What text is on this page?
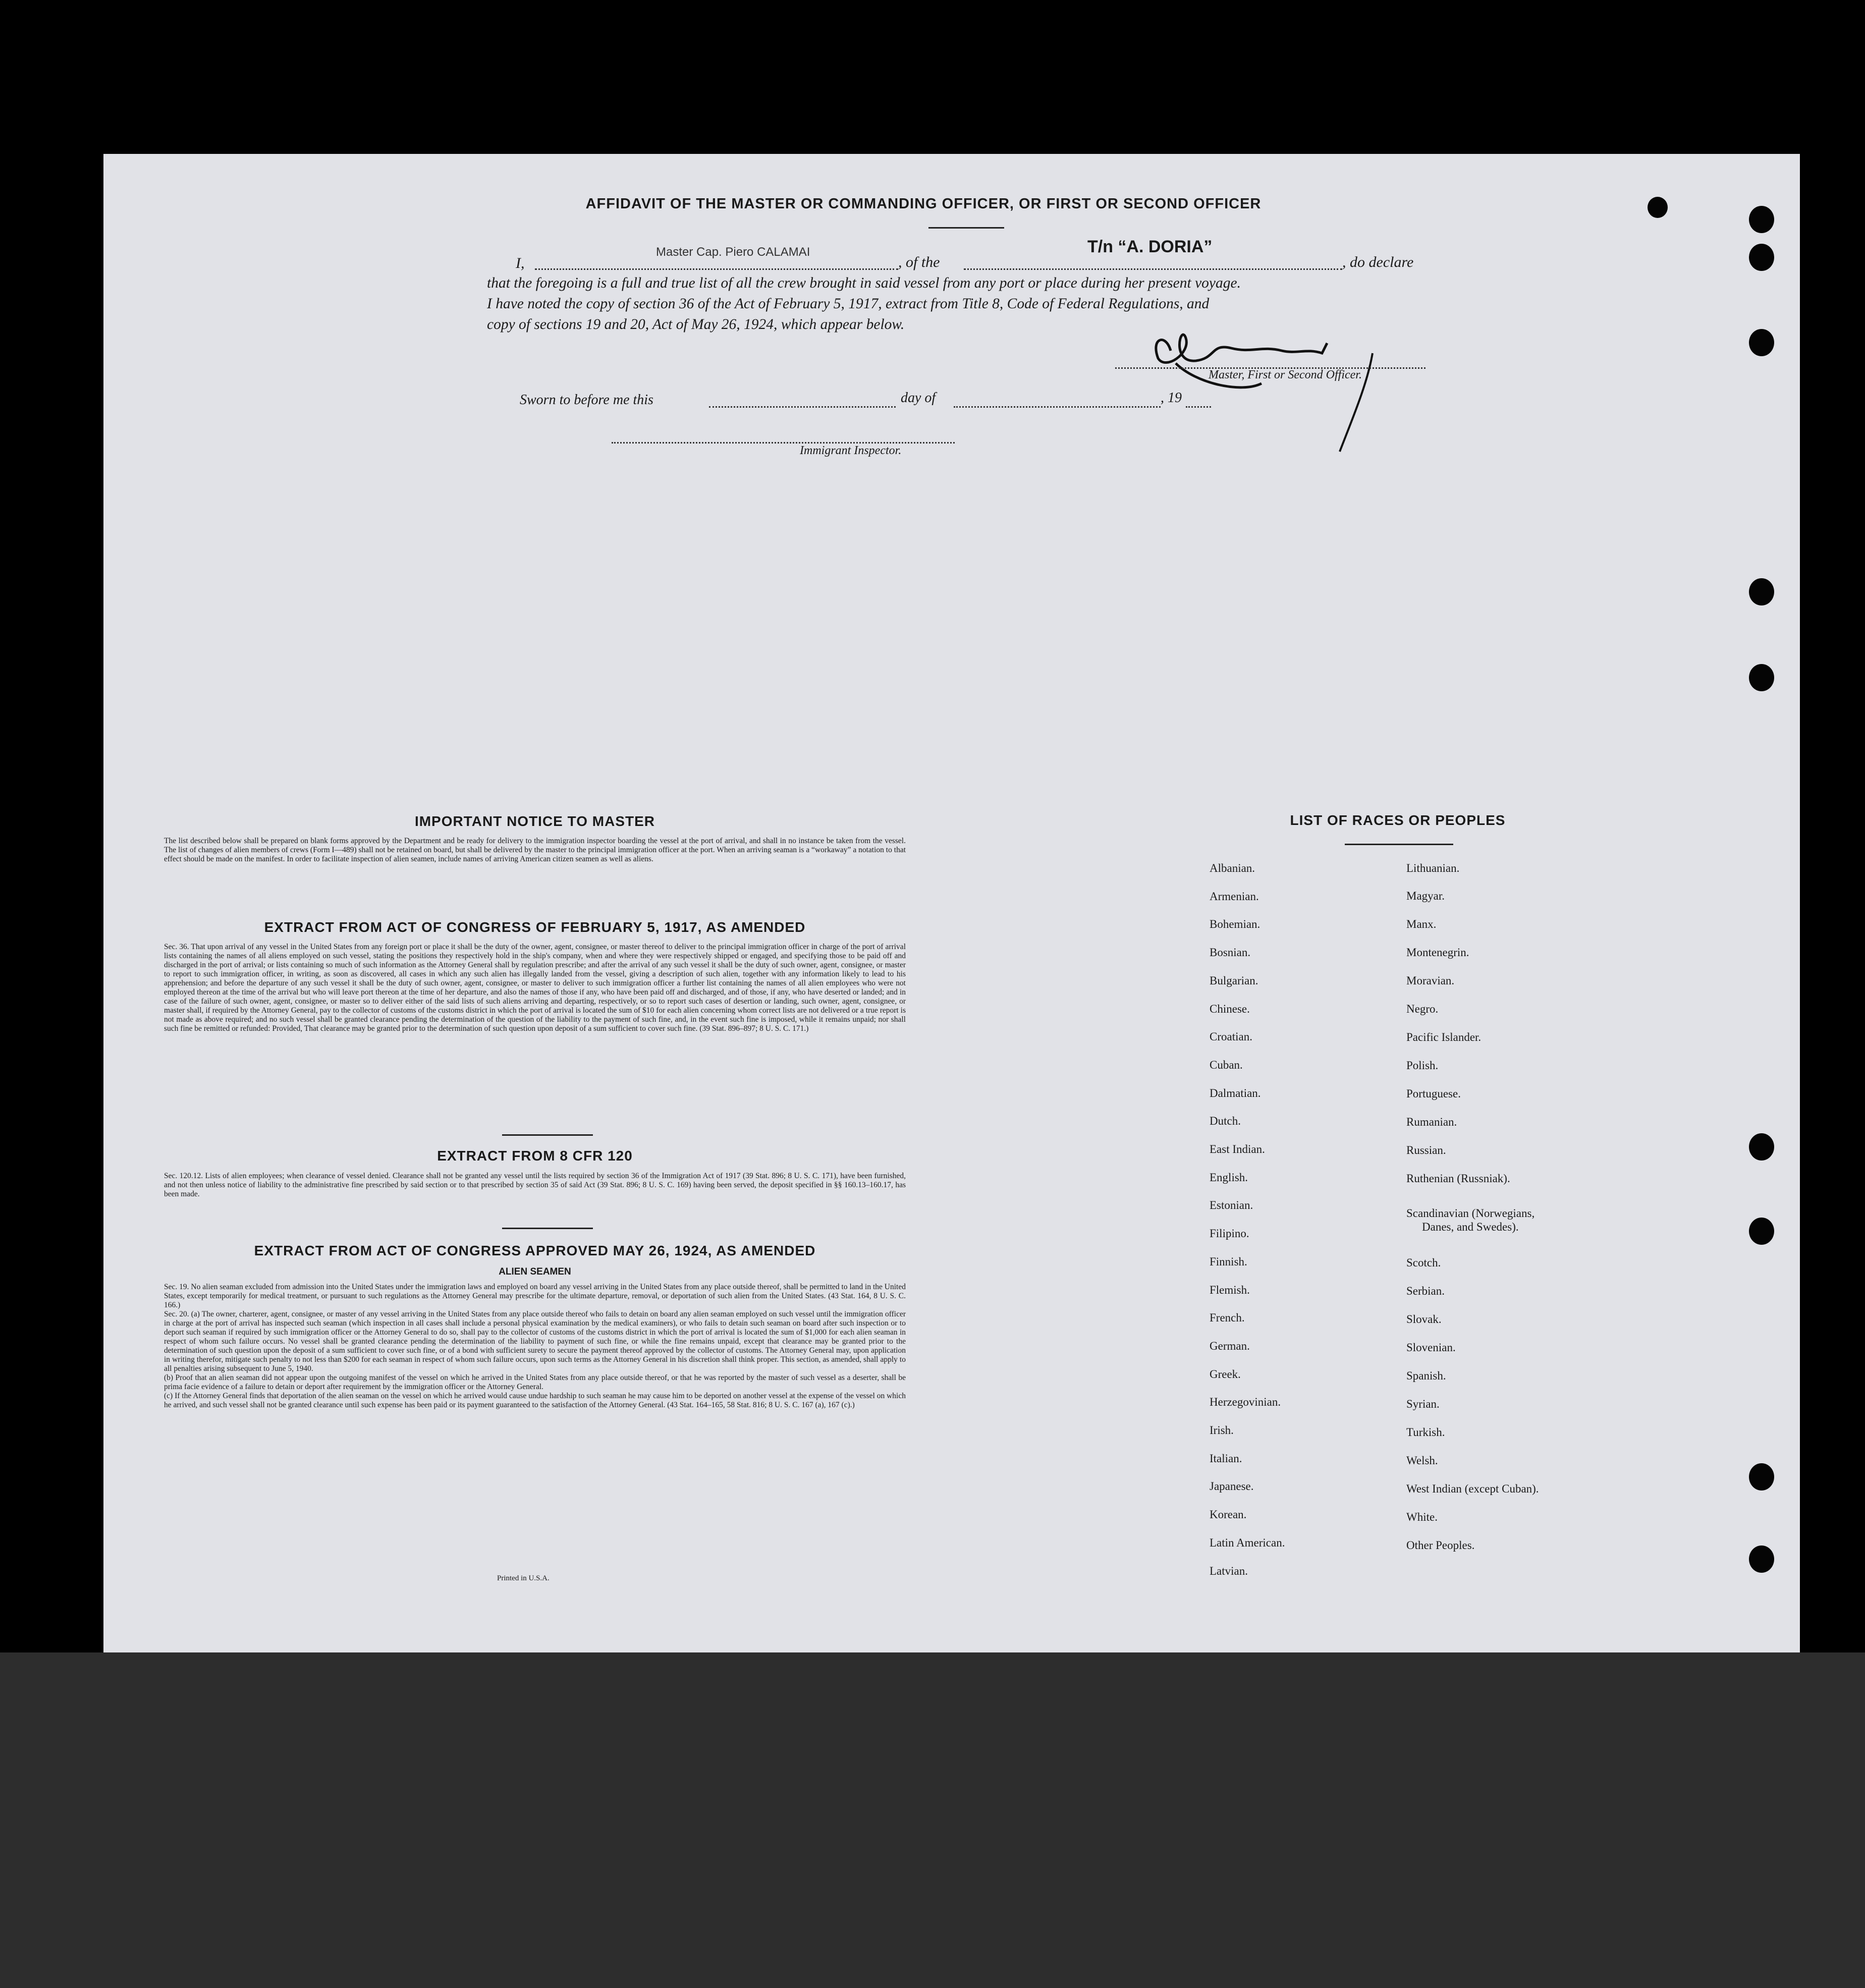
AFFIDAVIT OF THE MASTER OR COMMANDING OFFICER, OR FIRST OR SECOND OFFICER
I,
Master Cap. Piero CALAMAI
, of the
T/n “A. DORIA”
, do declare
that the foregoing is a full and true list of all the crew brought in said vessel from any port or place during her present voyage.
I have noted the copy of section 36 of the Act of February 5, 1917, extract from Title 8, Code of Federal Regulations, and
copy of sections 19 and 20, Act of May 26, 1924, which appear below.
Master, First or Second Officer.
Sworn to before me this	day of	, 19
Immigrant Inspector.
IMPORTANT NOTICE TO MASTER

The list described below shall be prepared on blank forms approved by the Department and be ready for delivery to the immigration inspector boarding the vessel at the port of arrival, and shall in no instance be taken from the vessel. The list of changes of alien members of crews (Form I—489) shall not be retained on board, but shall be delivered by the master to the principal immigration officer at the port. When an arriving seaman is a “workaway” a notation to that effect should be made on the manifest. In order to facilitate inspection of alien seamen, include names of arriving American citizen seamen as well as aliens.

EXTRACT FROM ACT OF CONGRESS OF FEBRUARY 5, 1917, AS AMENDED

Sec. 36. That upon arrival of any vessel in the United States from any foreign port or place it shall be the duty of the owner, agent, consignee, or master thereof to deliver to the principal immigration officer in charge of the port of arrival lists containing the names of all aliens employed on such vessel, stating the positions they respectively hold in the ship's company, when and where they were respectively shipped or engaged, and specifying those to be paid off and discharged in the port of arrival; or lists containing so much of such information as the Attorney General shall by regulation prescribe; and after the arrival of any such vessel it shall be the duty of such owner, agent, consignee, or master to report to such immigration officer, in writing, as soon as discovered, all cases in which any such alien has illegally landed from the vessel, giving a description of such alien, together with any information likely to lead to his apprehension; and before the departure of any such vessel it shall be the duty of such owner, agent, consignee, or master to deliver to such immigration officer a further list containing the names of all alien employees who were not employed thereon at the time of the arrival but who will leave port thereon at the time of her departure, and also the names of those if any, who have been paid off and discharged, and of those, if any, who have deserted or landed; and in case of the failure of such owner, agent, consignee, or master so to deliver either of the said lists of such aliens arriving and departing, respectively, or so to report such cases of desertion or landing, such owner, agent, consignee, or master shall, if required by the Attorney General, pay to the collector of customs of the customs district in which the port of arrival is located the sum of $10 for each alien concerning whom correct lists are not delivered or a true report is not made as above required; and no such vessel shall be granted clearance pending the determination of the question of the liability to the payment of such fine, and, in the event such fine is imposed, while it remains unpaid; nor shall such fine be remitted or refunded: Provided, That clearance may be granted prior to the determination of such question upon deposit of a sum sufficient to cover such fine. (39 Stat. 896–897; 8 U. S. C. 171.)

EXTRACT FROM 8 CFR 120

Sec. 120.12. Lists of alien employees; when clearance of vessel denied. Clearance shall not be granted any vessel until the lists required by section 36 of the Immigration Act of 1917 (39 Stat. 896; 8 U. S. C. 171), have been furnished, and not then unless notice of liability to the administrative fine prescribed by said section or to that prescribed by section 35 of said Act (39 Stat. 896; 8 U. S. C. 169) having been served, the deposit specified in §§ 160.13–160.17, has been made.

EXTRACT FROM ACT OF CONGRESS APPROVED MAY 26, 1924, AS AMENDED
ALIEN SEAMEN

Sec. 19. No alien seaman excluded from admission into the United States under the immigration laws and employed on board any vessel arriving in the United States from any place outside thereof, shall be permitted to land in the United States, except temporarily for medical treatment, or pursuant to such regulations as the Attorney General may prescribe for the ultimate departure, removal, or deportation of such alien from the United States. (43 Stat. 164, 8 U. S. C. 166.)

Sec. 20. (a) The owner, charterer, agent, consignee, or master of any vessel arriving in the United States from any place outside thereof who fails to detain on board any alien seaman employed on such vessel until the immigration officer in charge at the port of arrival has inspected such seaman (which inspection in all cases shall include a personal physical examination by the medical examiners), or who fails to detain such seaman on board after such inspection or to deport such seaman if required by such immigration officer or the Attorney General to do so, shall pay to the collector of customs of the customs district in which the port of arrival is located the sum of $1,000 for each alien seaman in respect of whom such failure occurs. No vessel shall be granted clearance pending the determination of the liability to payment of such fine, or while the fine remains unpaid, except that clearance may be granted prior to the determination of such question upon the deposit of a sum sufficient to cover such fine, or of a bond with sufficient surety to secure the payment thereof approved by the collector of customs. The Attorney General may, upon application in writing therefor, mitigate such penalty to not less than $200 for each seaman in respect of whom such failure occurs, upon such terms as the Attorney General in his discretion shall think proper. This section, as amended, shall apply to all penalties arising subsequent to June 5, 1940.

(b) Proof that an alien seaman did not appear upon the outgoing manifest of the vessel on which he arrived in the United States from any place outside thereof, or that he was reported by the master of such vessel as a deserter, shall be prima facie evidence of a failure to detain or deport after requirement by the immigration officer or the Attorney General.

(c) If the Attorney General finds that deportation of the alien seaman on the vessel on which he arrived would cause undue hardship to such seaman he may cause him to be deported on another vessel at the expense of the vessel on which he arrived, and such vessel shall not be granted clearance until such expense has been paid or its payment guaranteed to the satisfaction of the Attorney General. (43 Stat. 164–165, 58 Stat. 816; 8 U. S. C. 167 (a), 167 (c).)

Printed in U.S.A.
LIST OF RACES OR PEOPLES
Albanian.
Armenian.
Bohemian.
Bosnian.
Bulgarian.
Chinese.
Croatian.
Cuban.
Dalmatian.
Dutch.
East Indian.
English.
Estonian.
Filipino.
Finnish.
Flemish.
French.
German.
Greek.
Herzegovinian.
Irish.
Italian.
Japanese.
Korean.
Latin American.
Latvian.
Lithuanian.
Magyar.
Manx.
Montenegrin.
Moravian.
Negro.
Pacific Islander.
Polish.
Portuguese.
Rumanian.
Russian.
Ruthenian (Russniak).
Scandinavian (Norwegians,
Danes, and Swedes).
Scotch.
Serbian.
Slovak.
Slovenian.
Spanish.
Syrian.
Turkish.
Welsh.
West Indian (except Cuban).
White.
Other Peoples.
